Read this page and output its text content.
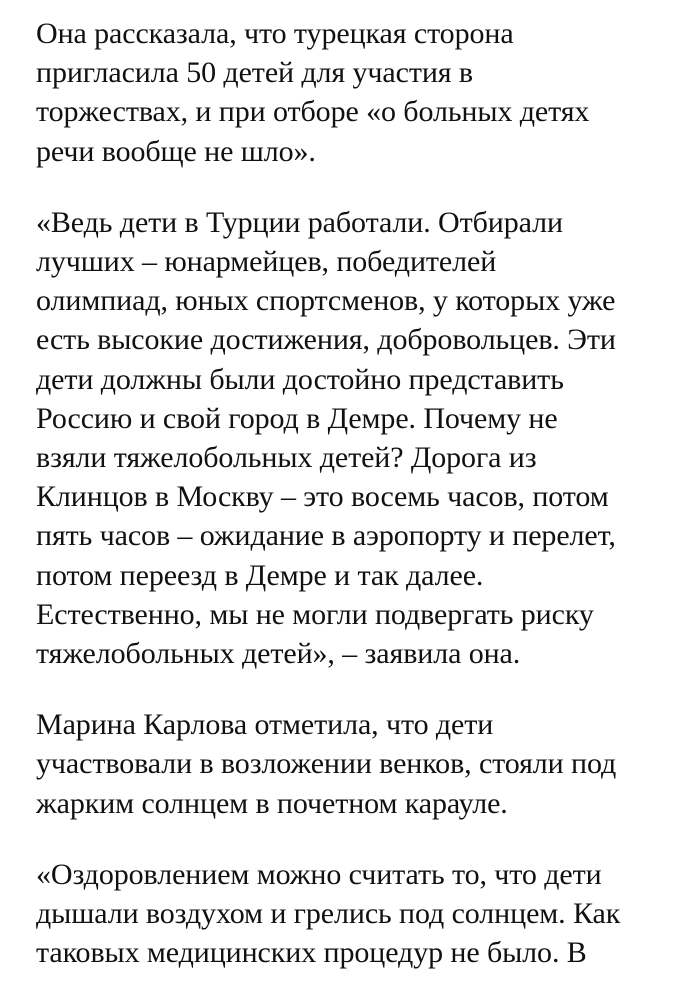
Она рассказала, что турецкая сторона
пригласила 50 детей для участия в
торжествах, и при отборе «о больных детях
речи вообще не шло».

«Ведь дети в Турции работали. Отбирали
лучших – юнармейцев, победителей
олимпиад, юных спортсменов, у которых уже
есть высокие достижения, добровольцев. Эти
дети должны были достойно представить
Россию и свой город в Демре. Почему не
взяли тяжелобольных детей? Дорога из
Клинцов в Москву – это восемь часов, потом
пять часов – ожидание в аэропорту и перелет,
потом переезд в Демре и так далее.
Естественно, мы не могли подвергать риску
тяжелобольных детей», – заявила она.

Марина Карлова отметила, что дети
участвовали в возложении венков, стояли под
жарким солнцем в почетном карауле.

«Оздоровлением можно считать то, что дети
дышали воздухом и грелись под солнцем. Как
таковых медицинских процедур не было. В
